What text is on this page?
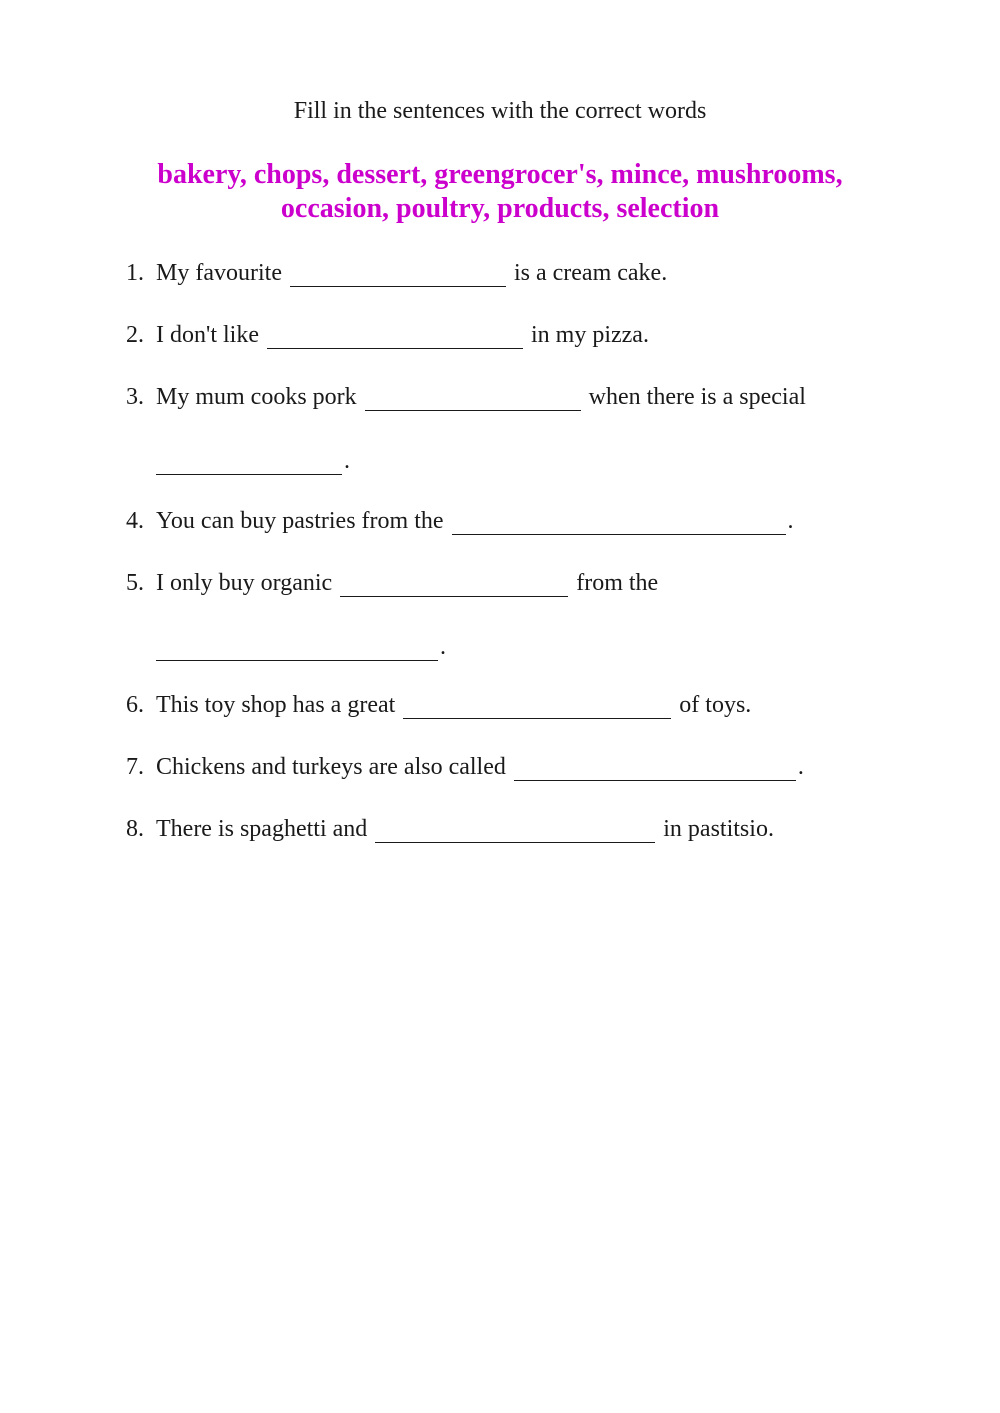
Fill in the sentences with the correct words
bakery, chops, dessert, greengrocer's, mince, mushrooms,
occasion, poultry, products, selection
1. My favourite	is a cream cake.
2. I don't like	in my pizza.
3. My mum cooks pork	when there is a special
.
4. You can buy pastries from the	.
5. I only buy organic	from the
.
6. This toy shop has a great	of toys.
7. Chickens and turkeys are also called	.
8. There is spaghetti and	in pastitsio.
